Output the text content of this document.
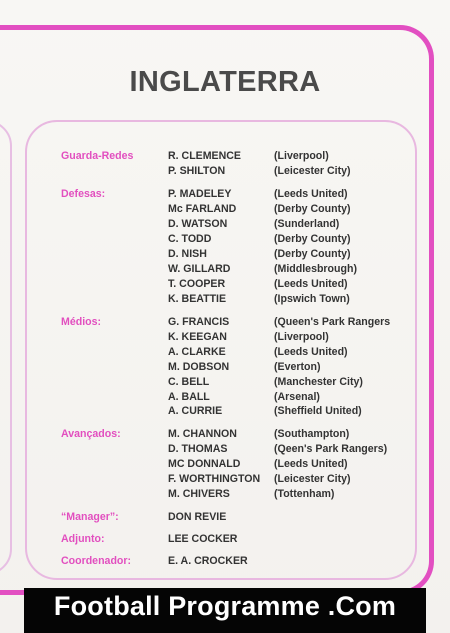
INGLATERRA
Guarda-Redes	R. CLEMENCE	(Liverpool)
P. SHILTON	(Leicester City)
Defesas:	P. MADELEY	(Leeds United)
Mc FARLAND	(Derby County)
D. WATSON	(Sunderland)
C. TODD	(Derby County)
D. NISH	(Derby County)
W. GILLARD	(Middlesbrough)
T. COOPER	(Leeds United)
K. BEATTIE	(Ipswich Town)
Médios:	G. FRANCIS	(Queen's Park Rangers
K. KEEGAN	(Liverpool)
A. CLARKE	(Leeds United)
M. DOBSON	(Everton)
C. BELL	(Manchester City)
A. BALL	(Arsenal)
A. CURRIE	(Sheffield United)
Avançados:	M. CHANNON	(Southampton)
D. THOMAS	(Qeen's Park Rangers)
MC DONNALD	(Leeds United)
F. WORTHINGTON (Leicester City)
M. CHIVERS	(Tottenham)
“Manager”:	DON REVIE
Adjunto:	LEE COCKER
Coordenador:	E. A. CROCKER
Football Programme .Com
